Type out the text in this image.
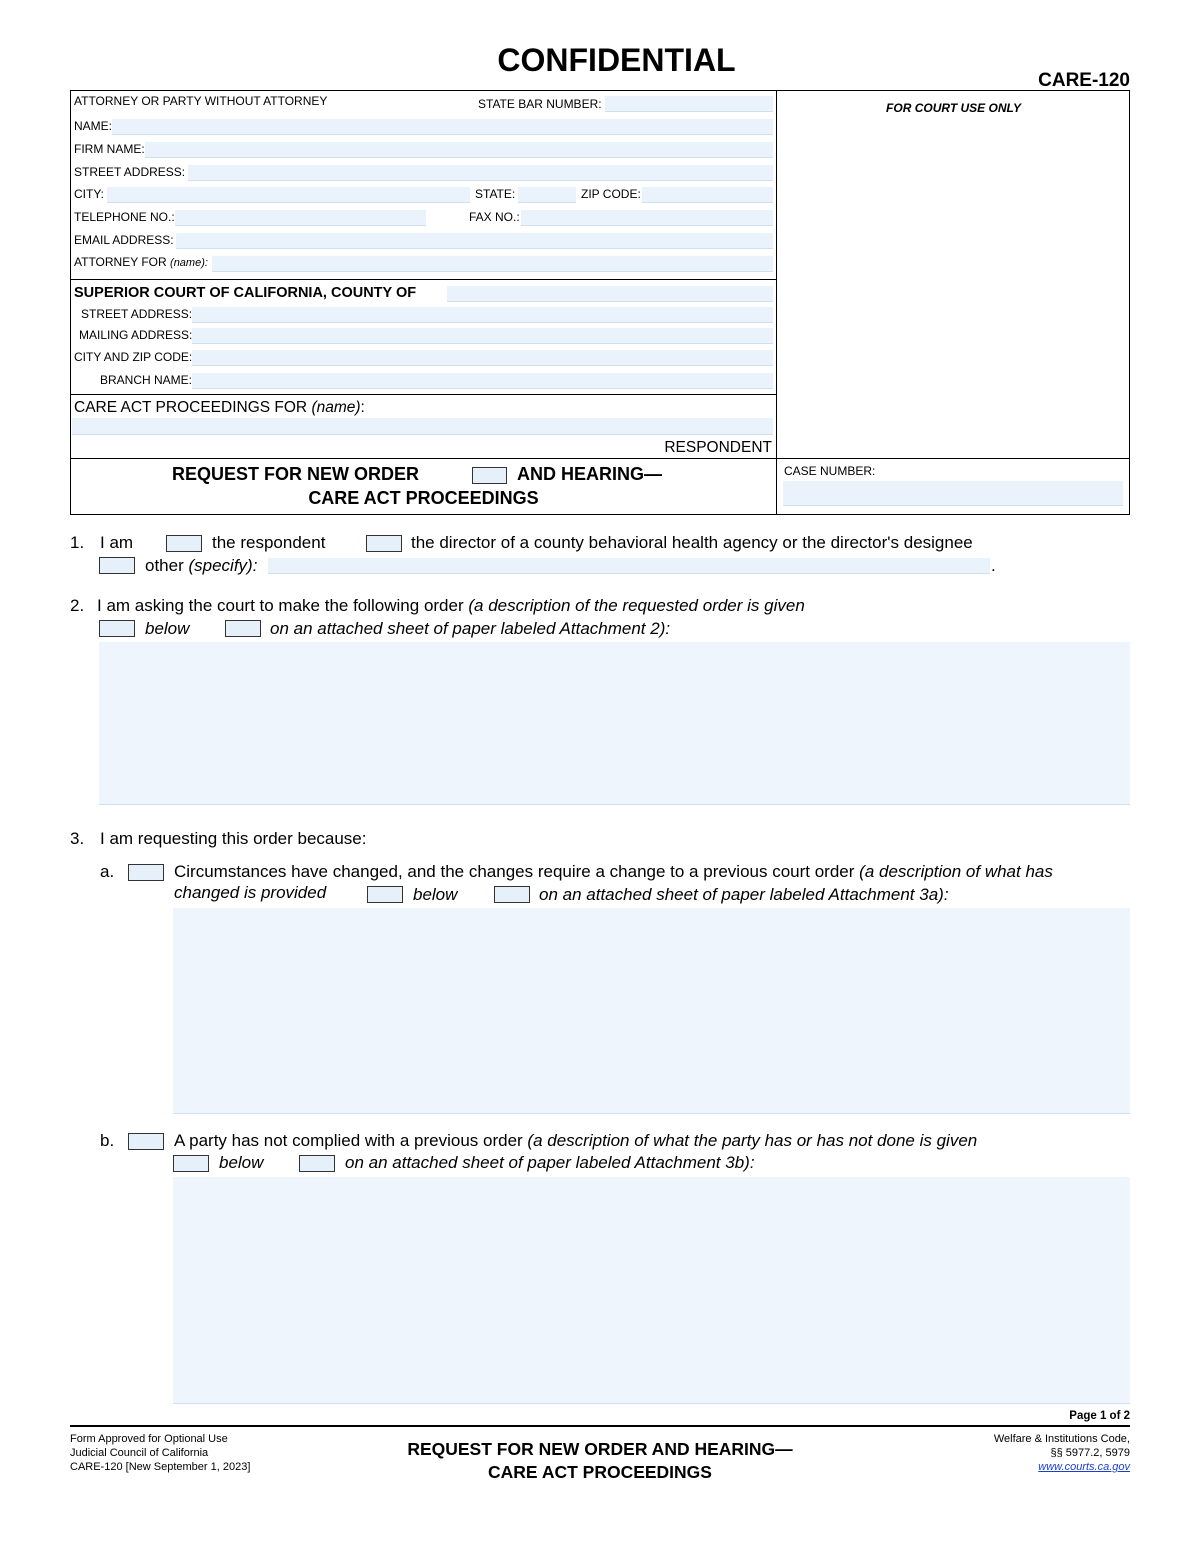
CONFIDENTIAL
CARE-120
ATTORNEY OR PARTY WITHOUT ATTORNEY	STATE BAR NUMBER:
NAME:
FIRM NAME:
STREET ADDRESS:
CITY:	STATE:	ZIP CODE:
TELEPHONE NO.:	FAX NO.:
EMAIL ADDRESS:
ATTORNEY FOR (name):
FOR COURT USE ONLY
SUPERIOR COURT OF CALIFORNIA, COUNTY OF
STREET ADDRESS:
MAILING ADDRESS:
CITY AND ZIP CODE:
BRANCH NAME:
CARE ACT PROCEEDINGS FOR (name):
RESPONDENT
REQUEST FOR NEW ORDER	AND HEARING—
CARE ACT PROCEEDINGS
CASE NUMBER:
1. I am	the respondent	the director of a county behavioral health agency or the director's designee
other (specify):	.
2. I am asking the court to make the following order (a description of the requested order is given
below	on an attached sheet of paper labeled Attachment 2):
3. I am requesting this order because:
a.	Circumstances have changed, and the changes require a change to a previous court order (a description of what has
changed is provided	below	on an attached sheet of paper labeled Attachment 3a):
b.	A party has not complied with a previous order (a description of what the party has or has not done is given
below	on an attached sheet of paper labeled Attachment 3b):
Page 1 of 2
Form Approved for Optional Use
Judicial Council of California
CARE-120 [New September 1, 2023]
REQUEST FOR NEW ORDER AND HEARING—
CARE ACT PROCEEDINGS
Welfare & Institutions Code,
§§ 5977.2, 5979
www.courts.ca.gov
